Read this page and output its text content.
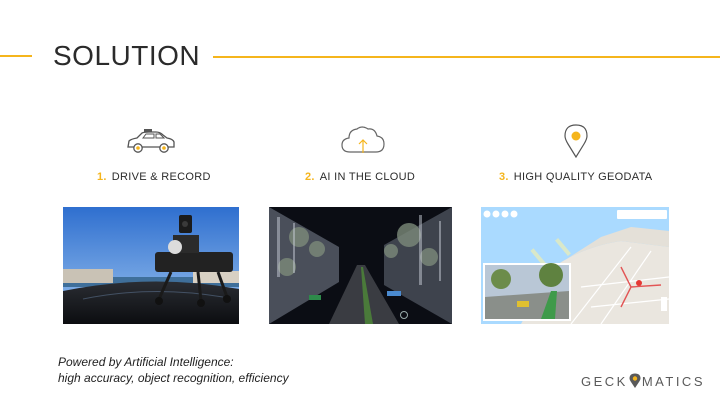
SOLUTION
1. DRIVE & RECORD	2. AI IN THE CLOUD	3. HIGH QUALITY GEODATA
Powered by Artificial Intelligence:
high accuracy, object recognition, efficiency	GECK MATICS
